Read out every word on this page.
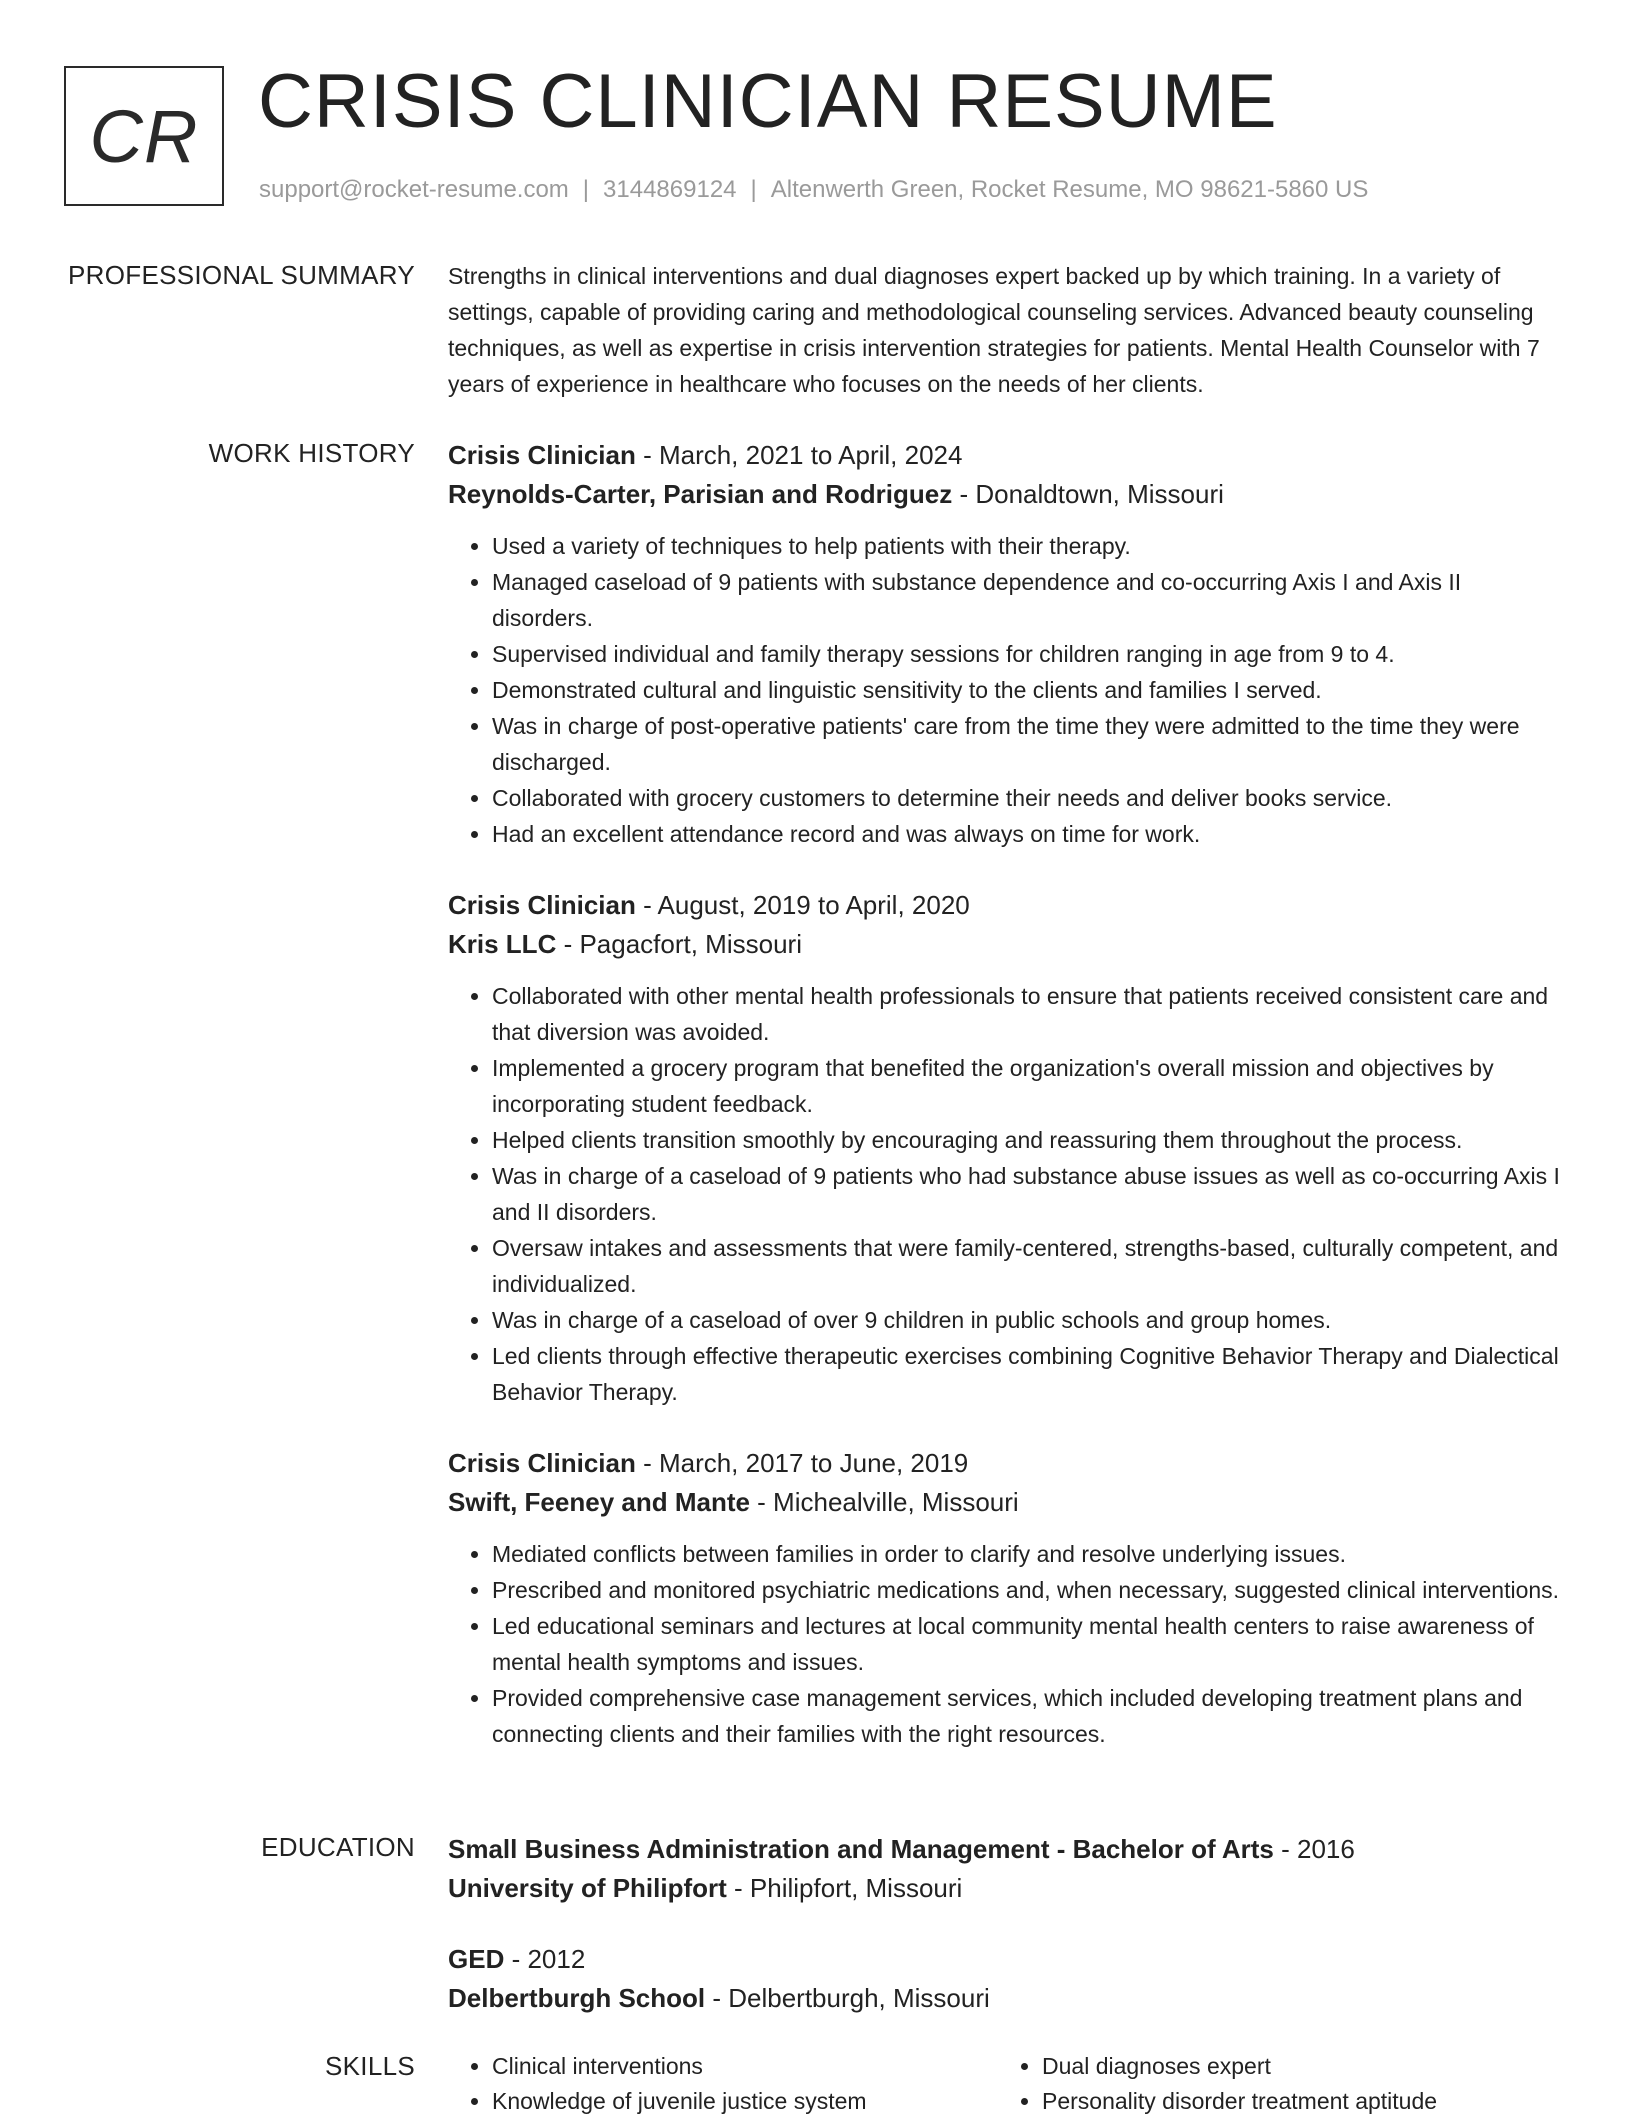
CR CRISIS CLINICIAN RESUME
support@rocket-resume.com | 3144869124 | Altenwerth Green, Rocket Resume, MO 98621-5860 US
PROFESSIONAL SUMMARY Strengths in clinical interventions and dual diagnoses expert backed up by which training. In a variety of settings, capable of providing caring and methodological counseling services. Advanced beauty counseling techniques, as well as expertise in crisis intervention strategies for patients. Mental Health Counselor with 7 years of experience in healthcare who focuses on the needs of her clients.

WORK HISTORY Crisis Clinician - March, 2021 to April, 2024
Reynolds-Carter, Parisian and Rodriguez - Donaldtown, Missouri
• Used a variety of techniques to help patients with their therapy.
• Managed caseload of 9 patients with substance dependence and co-occurring Axis I and Axis II disorders.
• Supervised individual and family therapy sessions for children ranging in age from 9 to 4.
• Demonstrated cultural and linguistic sensitivity to the clients and families I served.
• Was in charge of post-operative patients' care from the time they were admitted to the time they were discharged.
• Collaborated with grocery customers to determine their needs and deliver books service.
• Had an excellent attendance record and was always on time for work.
Crisis Clinician - August, 2019 to April, 2020
Kris LLC - Pagacfort, Missouri
• Collaborated with other mental health professionals to ensure that patients received consistent care and that diversion was avoided.
• Implemented a grocery program that benefited the organization's overall mission and objectives by incorporating student feedback.
• Helped clients transition smoothly by encouraging and reassuring them throughout the process.
• Was in charge of a caseload of 9 patients who had substance abuse issues as well as co-occurring Axis I and II disorders.
• Oversaw intakes and assessments that were family-centered, strengths-based, culturally competent, and individualized.
• Was in charge of a caseload of over 9 children in public schools and group homes.
• Led clients through effective therapeutic exercises combining Cognitive Behavior Therapy and Dialectical Behavior Therapy.
Crisis Clinician - March, 2017 to June, 2019
Swift, Feeney and Mante - Michealville, Missouri
• Mediated conflicts between families in order to clarify and resolve underlying issues.
• Prescribed and monitored psychiatric medications and, when necessary, suggested clinical interventions.
• Led educational seminars and lectures at local community mental health centers to raise awareness of mental health symptoms and issues.
• Provided comprehensive case management services, which included developing treatment plans and connecting clients and their families with the right resources.
EDUCATION Small Business Administration and Management - Bachelor of Arts - 2016
University of Philipfort - Philipfort, Missouri
GED - 2012
Delbertburgh School - Delbertburgh, Missouri
SKILLS
•	Clinical interventions
• Knowledge of juvenile justice system
• Dual diagnoses expert
• Personality disorder treatment aptitude
